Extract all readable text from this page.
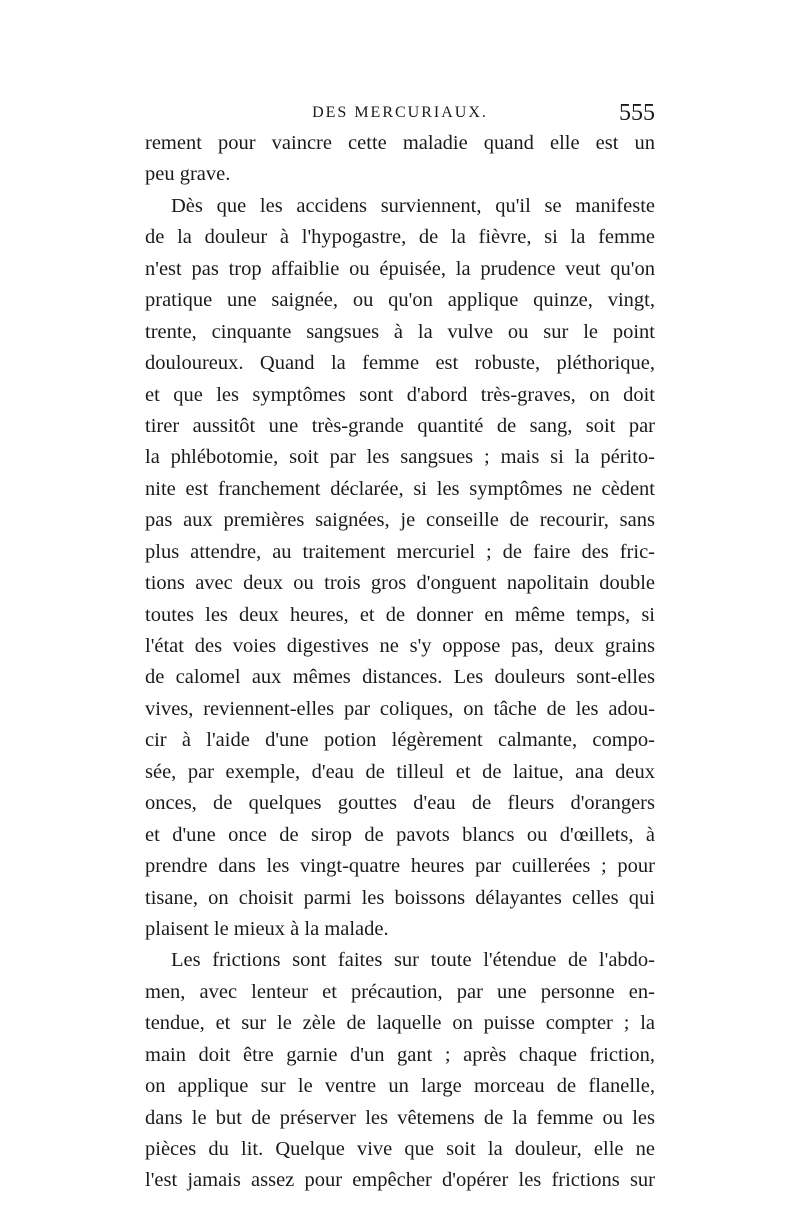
DES MERCURIAUX.	555
rement pour vaincre cette maladie quand elle est un
peu grave.
Dès que les accidens surviennent, qu'il se manifeste
de la douleur à l'hypogastre, de la fièvre, si la femme
n'est pas trop affaiblie ou épuisée, la prudence veut qu'on
pratique une saignée, ou qu'on applique quinze, vingt,
trente, cinquante sangsues à la vulve ou sur le point
douloureux. Quand la femme est robuste, pléthorique,
et que les symptômes sont d'abord très-graves, on doit
tirer aussitôt une très-grande quantité de sang, soit par
la phlébotomie, soit par les sangsues ; mais si la périto-
nite est franchement déclarée, si les symptômes ne cèdent
pas aux premières saignées, je conseille de recourir, sans
plus attendre, au traitement mercuriel ; de faire des fric-
tions avec deux ou trois gros d'onguent napolitain double
toutes les deux heures, et de donner en même temps, si
l'état des voies digestives ne s'y oppose pas, deux grains
de calomel aux mêmes distances. Les douleurs sont-elles
vives, reviennent-elles par coliques, on tâche de les adou-
cir à l'aide d'une potion légèrement calmante, compo-
sée, par exemple, d'eau de tilleul et de laitue, ana deux
onces, de quelques gouttes d'eau de fleurs d'orangers
et d'une once de sirop de pavots blancs ou d'œillets, à
prendre dans les vingt-quatre heures par cuillerées ; pour
tisane, on choisit parmi les boissons délayantes celles qui
plaisent le mieux à la malade.
Les frictions sont faites sur toute l'étendue de l'abdo-
men, avec lenteur et précaution, par une personne en-
tendue, et sur le zèle de laquelle on puisse compter ; la
main doit être garnie d'un gant ; après chaque friction,
on applique sur le ventre un large morceau de flanelle,
dans le but de préserver les vêtemens de la femme ou les
pièces du lit. Quelque vive que soit la douleur, elle ne
l'est jamais assez pour empêcher d'opérer les frictions sur
